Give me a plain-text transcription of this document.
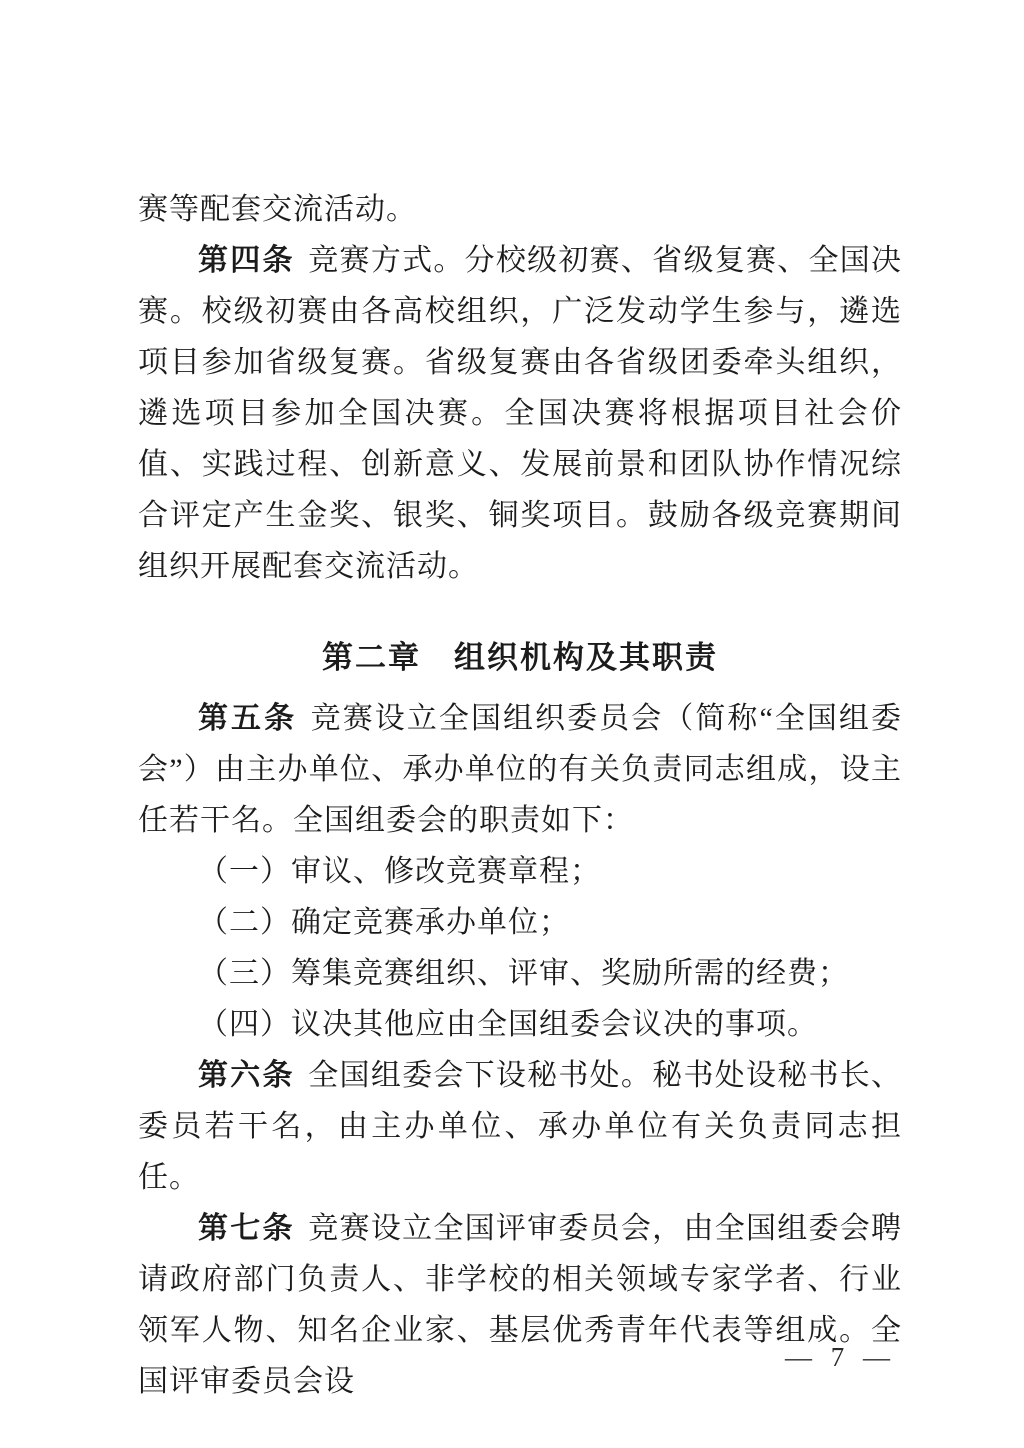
赛等配套交流活动。

第四条 竞赛方式。分校级初赛、省级复赛、全国决赛。校级初赛由各高校组织，广泛发动学生参与，遴选项目参加省级复赛。省级复赛由各省级团委牵头组织，遴选项目参加全国决赛。全国决赛将根据项目社会价值、实践过程、创新意义、发展前景和团队协作情况综合评定产生金奖、银奖、铜奖项目。鼓励各级竞赛期间组织开展配套交流活动。

第二章　组织机构及其职责

第五条 竞赛设立全国组织委员会（简称“全国组委会”）由主办单位、承办单位的有关负责同志组成，设主任若干名。全国组委会的职责如下：

（一）审议、修改竞赛章程；

（二）确定竞赛承办单位；

（三）筹集竞赛组织、评审、奖励所需的经费；

（四）议决其他应由全国组委会议决的事项。

第六条 全国组委会下设秘书处。秘书处设秘书长、委员若干名，由主办单位、承办单位有关负责同志担任。

第七条 竞赛设立全国评审委员会，由全国组委会聘请政府部门负责人、非学校的相关领域专家学者、行业领军人物、知名企业家、基层优秀青年代表等组成。全国评审委员会设

— 7 —
